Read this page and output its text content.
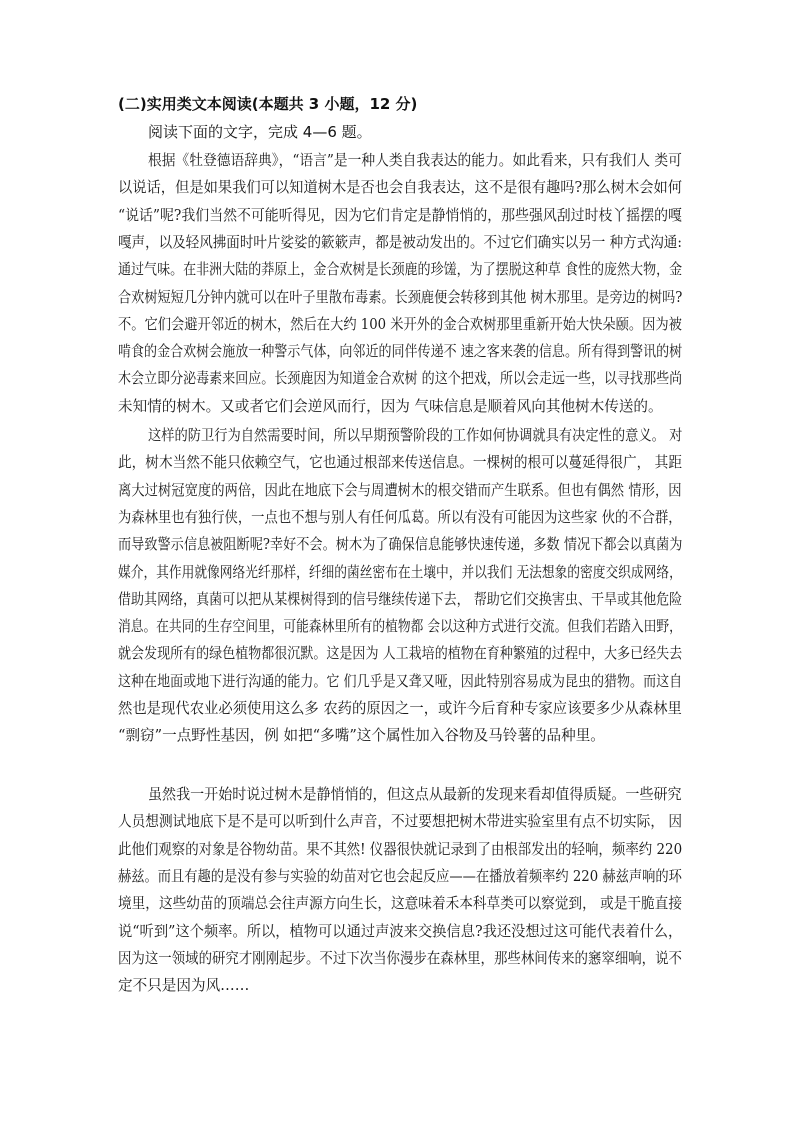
(二)实用类文本阅读(本题共 3 小题，12 分)
阅读下面的文字，完成 4—6 题。
根据《牡登德语辞典》，“语言”是一种人类自我表达的能力。如此看来，只有我们人 类可
以说话，但是如果我们可以知道树木是否也会自我表达，这不是很有趣吗?那么树木会如何
“说话”呢?我们当然不可能听得见，因为它们肯定是静悄悄的，那些强风刮过时枝丫摇摆的嘎
嘎声，以及轻风拂面时叶片娑娑的簌簌声，都是被动发出的。不过它们确实以另一 种方式沟通:
通过气味。在非洲大陆的莽原上，金合欢树是长颈鹿的珍馐，为了摆脱这种草 食性的庞然大物，金
合欢树短短几分钟内就可以在叶子里散布毒素。长颈鹿便会转移到其他 树木那里。是旁边的树吗?
不。它们会避开邻近的树木，然后在大约 100 米开外的金合欢树那里重新开始大快朵颐。因为被
啃食的金合欢树会施放一种警示气体，向邻近的同伴传递不 速之客来袭的信息。所有得到警讯的树
木会立即分泌毒素来回应。长颈鹿因为知道金合欢树 的这个把戏，所以会走远一些，以寻找那些尚
未知情的树木。又或者它们会逆风而行，因为 气味信息是顺着风向其他树木传送的。
这样的防卫行为自然需要时间，所以早期预警阶段的工作如何协调就具有决定性的意义。 对
此，树木当然不能只依赖空气，它也通过根部来传送信息。一棵树的根可以蔓延得很广， 其距
离大过树冠宽度的两倍，因此在地底下会与周遭树木的根交错而产生联系。但也有偶然 情形，因
为森林里也有独行侠，一点也不想与别人有任何瓜葛。所以有没有可能因为这些家 伙的不合群，
而导致警示信息被阻断呢?幸好不会。树木为了确保信息能够快速传递，多数 情况下都会以真菌为
媒介，其作用就像网络光纤那样，纤细的菌丝密布在土壤中，并以我们 无法想象的密度交织成网络，
借助其网络，真菌可以把从某棵树得到的信号继续传递下去， 帮助它们交换害虫、干旱或其他危险
消息。在共同的生存空间里，可能森林里所有的植物都 会以这种方式进行交流。但我们若踏入田野，
就会发现所有的绿色植物都很沉默。这是因为 人工栽培的植物在育种繁殖的过程中，大多已经失去
这种在地面或地下进行沟通的能力。它 们几乎是又聋又哑，因此特别容易成为昆虫的猎物。而这自
然也是现代农业必须使用这么多 农药的原因之一，或许今后育种专家应该要多少从森林里
“剽窃”一点野性基因，例 如把“多嘴”这个属性加入谷物及马铃薯的品种里。
虽然我一开始时说过树木是静悄悄的，但这点从最新的发现来看却值得质疑。一些研究
人员想测试地底下是不是可以听到什么声音，不过要想把树木带进实验室里有点不切实际， 因
此他们观察的对象是谷物幼苗。果不其然! 仪器很快就记录到了由根部发出的轻响，频率约 220
赫兹。而且有趣的是没有参与实验的幼苗对它也会起反应——在播放着频率约 220 赫兹声响的环
境里，这些幼苗的顶端总会往声源方向生长，这意味着禾本科草类可以察觉到， 或是干脆直接
说“听到”这个频率。所以，植物可以通过声波来交换信息?我还没想过这可能代表着什么，
因为这一领域的研究才刚刚起步。不过下次当你漫步在森林里，那些林间传来的窸窣细响，说不
定不只是因为风……
